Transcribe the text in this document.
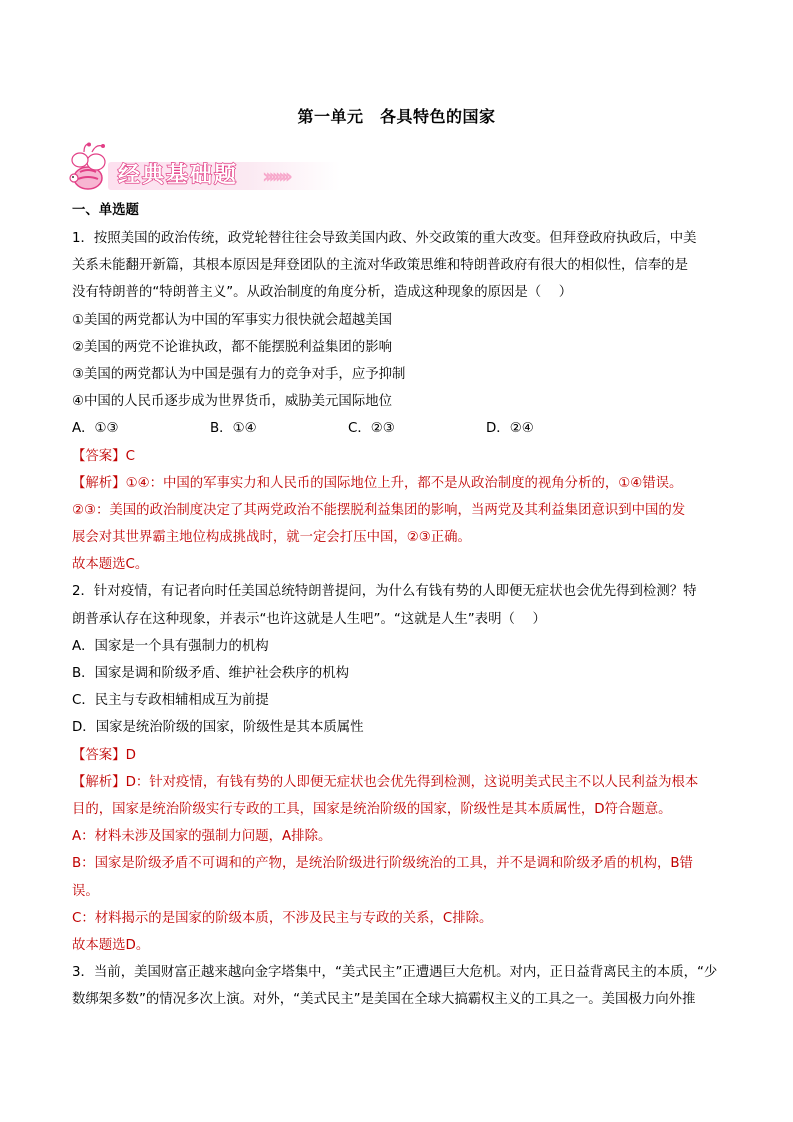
第一单元　各具特色的国家
经典基础题 ››››››››
一、单选题
1．按照美国的政治传统，政党轮替往往会导致美国内政、外交政策的重大改变。但拜登政府执政后，中美
关系未能翻开新篇，其根本原因是拜登团队的主流对华政策思维和特朗普政府有很大的相似性，信奉的是
没有特朗普的“特朗普主义”。从政治制度的角度分析，造成这种现象的原因是（　 ）
①美国的两党都认为中国的军事实力很快就会超越美国
②美国的两党不论谁执政，都不能摆脱利益集团的影响
③美国的两党都认为中国是强有力的竞争对手，应予抑制
④中国的人民币逐步成为世界货币，威胁美元国际地位
A．①③	B．①④	C．②③	D．②④
【答案】C
【解析】①④：中国的军事实力和人民币的国际地位上升，都不是从政治制度的视角分析的，①④错误。
②③：美国的政治制度决定了其两党政治不能摆脱利益集团的影响，当两党及其利益集团意识到中国的发
展会对其世界霸主地位构成挑战时，就一定会打压中国，②③正确。
故本题选C。
2．针对疫情，有记者向时任美国总统特朗普提问，为什么有钱有势的人即便无症状也会优先得到检测？特
朗普承认存在这种现象，并表示“也许这就是人生吧”。“这就是人生”表明（　 ）
A．国家是一个具有强制力的机构
B．国家是调和阶级矛盾、维护社会秩序的机构
C．民主与专政相辅相成互为前提
D．国家是统治阶级的国家，阶级性是其本质属性
【答案】D
【解析】D：针对疫情，有钱有势的人即便无症状也会优先得到检测，这说明美式民主不以人民利益为根本
目的，国家是统治阶级实行专政的工具，国家是统治阶级的国家，阶级性是其本质属性，D符合题意。
A：材料未涉及国家的强制力问题，A排除。
B：国家是阶级矛盾不可调和的产物，是统治阶级进行阶级统治的工具，并不是调和阶级矛盾的机构，B错
误。
C：材料揭示的是国家的阶级本质，不涉及民主与专政的关系，C排除。
故本题选D。
3．当前，美国财富正越来越向金字塔集中，“美式民主”正遭遇巨大危机。对内，正日益背离民主的本质，“少
数绑架多数”的情况多次上演。对外，“美式民主”是美国在全球大搞霸权主义的工具之一。美国极力向外推
